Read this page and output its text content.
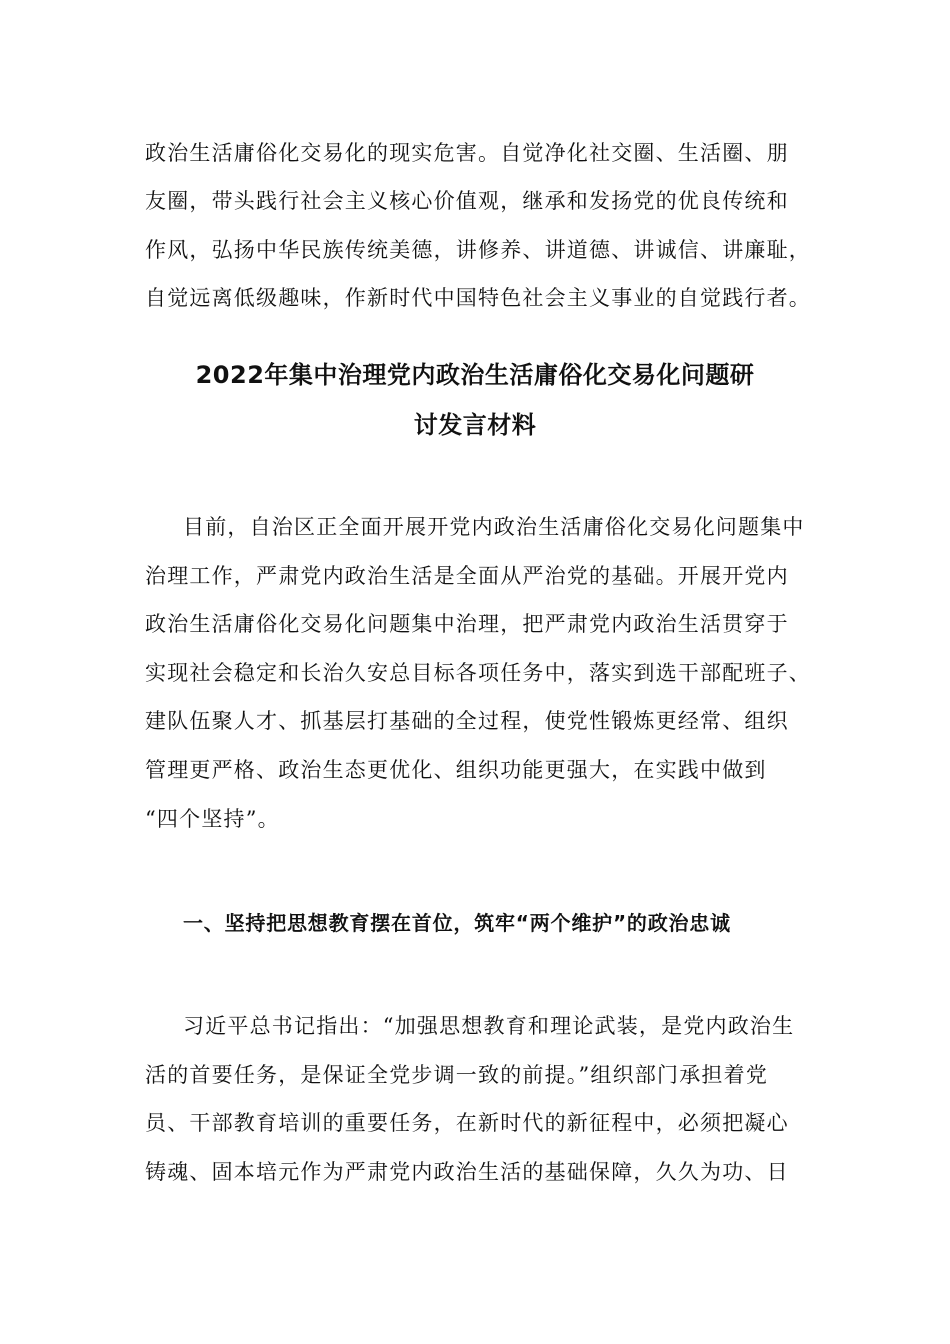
政治生活庸俗化交易化的现实危害。自觉净化社交圈、生活圈、朋
友圈，带头践行社会主义核心价值观，继承和发扬党的优良传统和
作风，弘扬中华民族传统美德，讲修养、讲道德、讲诚信、讲廉耻，
自觉远离低级趣味，作新时代中国特色社会主义事业的自觉践行者。
2022年集中治理党内政治生活庸俗化交易化问题研
讨发言材料
目前，自治区正全面开展开党内政治生活庸俗化交易化问题集中
治理工作，严肃党内政治生活是全面从严治党的基础。开展开党内
政治生活庸俗化交易化问题集中治理，把严肃党内政治生活贯穿于
实现社会稳定和长治久安总目标各项任务中，落实到选干部配班子、
建队伍聚人才、抓基层打基础的全过程，使党性锻炼更经常、组织
管理更严格、政治生态更优化、组织功能更强大，在实践中做到
“四个坚持”。
一、坚持把思想教育摆在首位，筑牢“两个维护”的政治忠诚
习近平总书记指出：“加强思想教育和理论武装，是党内政治生
活的首要任务，是保证全党步调一致的前提。”组织部门承担着党
员、干部教育培训的重要任务，在新时代的新征程中，必须把凝心
铸魂、固本培元作为严肃党内政治生活的基础保障，久久为功、日
